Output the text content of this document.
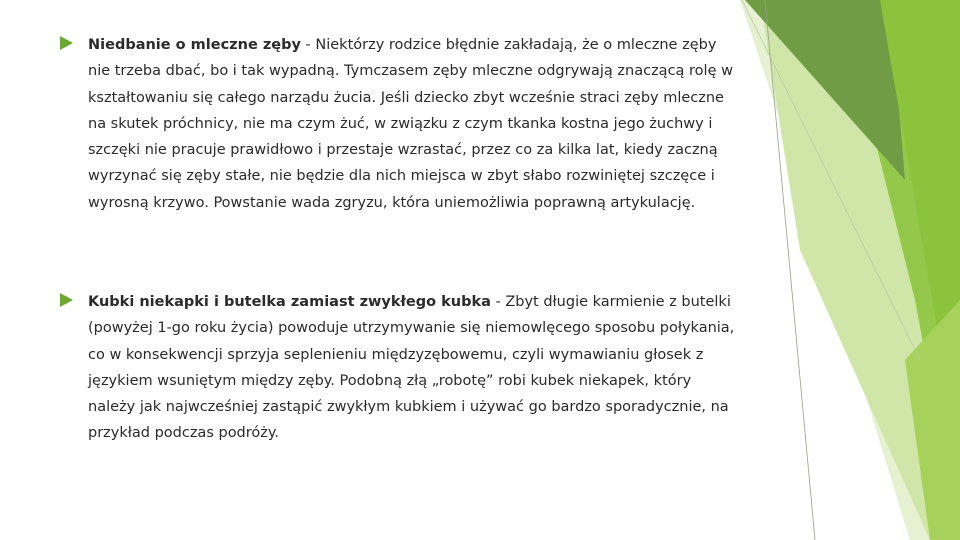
Niedbanie o mleczne zęby - Niektórzy rodzice błędnie zakładają, że o mleczne zęby nie trzeba dbać, bo i tak wypadną. Tymczasem zęby mleczne odgrywają znaczącą rolę w kształtowaniu się całego narządu żucia. Jeśli dziecko zbyt wcześnie straci zęby mleczne na skutek próchnicy, nie ma czym żuć, w związku z czym tkanka kostna jego żuchwy i szczęki nie pracuje prawidłowo i przestaje wzrastać, przez co za kilka lat, kiedy zaczną wyrzynać się zęby stałe, nie będzie dla nich miejsca w zbyt słabo rozwiniętej szczęce i wyrosną krzywo. Powstanie wada zgryzu, która uniemożliwia poprawną artykulację.

Kubki niekapki i butelka zamiast zwykłego kubka - Zbyt długie karmienie z butelki (powyżej 1-go roku życia) powoduje utrzymywanie się niemowlęcego sposobu połykania, co w konsekwencji sprzyja seplenieniu międzyzębowemu, czyli wymawianiu głosek z językiem wsuniętym między zęby. Podobną złą „robotę” robi kubek niekapek, który należy jak najwcześniej zastąpić zwykłym kubkiem i używać go bardzo sporadycznie, na przykład podczas podróży.
